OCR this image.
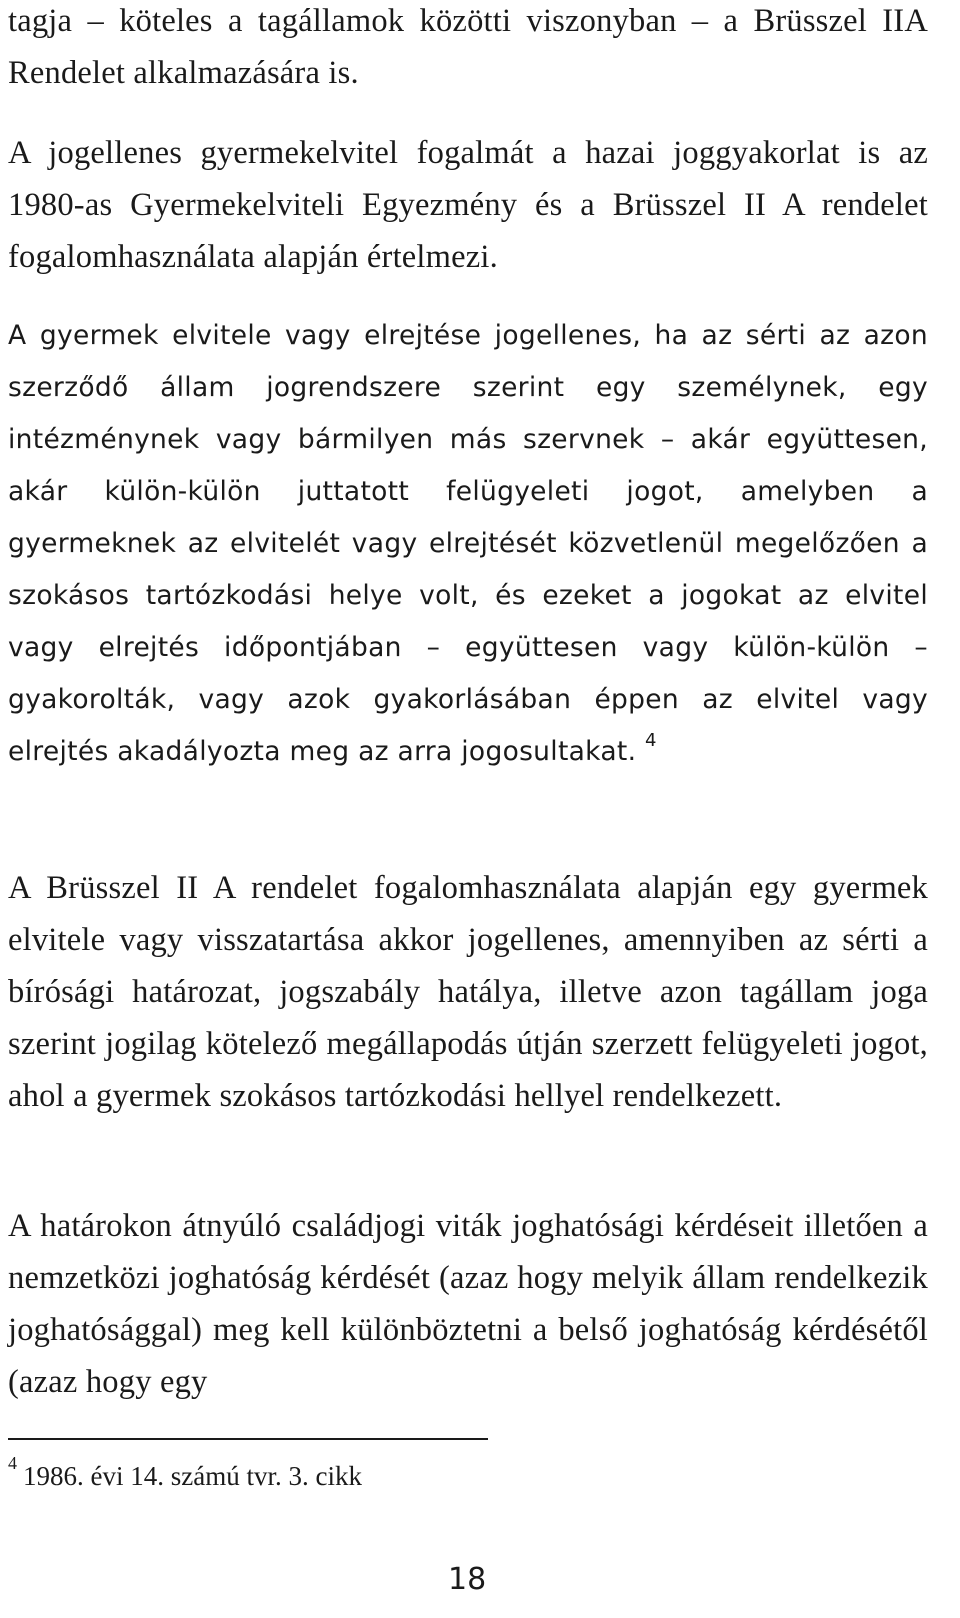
tagja – köteles a tagállamok közötti viszonyban – a Brüsszel IIA Rendelet alkalmazására is.

A jogellenes gyermekelvitel fogalmát a hazai joggyakorlat is az 1980-as Gyermekelviteli Egyezmény és a Brüsszel II A rendelet fogalomhasználata alapján értelmezi.

A gyermek elvitele vagy elrejtése jogellenes, ha az sérti az azon szerződő állam jogrendszere szerint egy személynek, egy intézménynek vagy bármilyen más szervnek – akár együttesen, akár külön-külön juttatott felügyeleti jogot, amelyben a gyermeknek az elvitelét vagy elrejtését közvetlenül megelőzően a szokásos tartózkodási helye volt, és ezeket a jogokat az elvitel vagy elrejtés időpontjában – együttesen vagy külön-külön – gyakorolták, vagy azok gyakorlásában éppen az elvitel vagy elrejtés akadályozta meg az arra jogosultakat. $^4$

A Brüsszel II A rendelet fogalomhasználata alapján egy gyermek elvitele vagy visszatartása akkor jogellenes, amennyiben az sérti a bírósági határozat, jogszabály hatálya, illetve azon tagállam joga szerint jogilag kötelező megállapodás útján szerzett felügyeleti jogot, ahol a gyermek szokásos tartózkodási hellyel rendelkezett.

A határokon átnyúló családjogi viták joghatósági kérdéseit illetően a nemzetközi joghatóság kérdését (azaz hogy melyik állam rendelkezik joghatósággal) meg kell különböztetni a belső joghatóság kérdésétől (azaz hogy egy

$^4$ 1986. évi 14. számú tvr. 3. cikk

18
